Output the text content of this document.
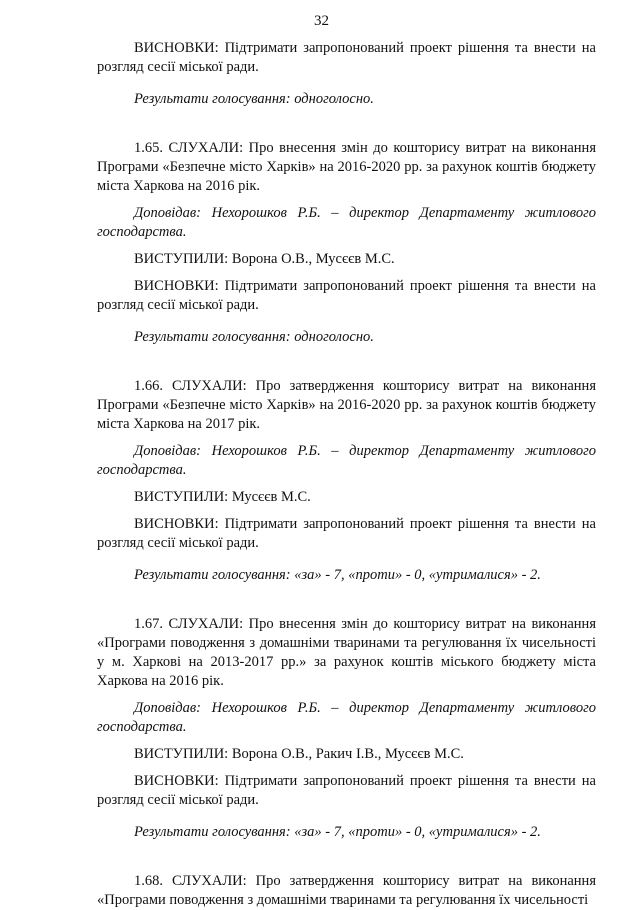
32

ВИСНОВКИ: Підтримати запропонований проект рішення та внести на розгляд сесії міської ради.

Результати голосування: одноголосно.

1.65. СЛУХАЛИ: Про внесення змін до кошторису витрат на виконання Програми «Безпечне місто Харків» на 2016-2020 рр. за рахунок коштів бюджету міста Харкова на 2016 рік.

Доповідав: Нехорошков Р.Б. – директор Департаменту житлового господарства.

ВИСТУПИЛИ: Ворона О.В., Мусєєв М.С.

ВИСНОВКИ: Підтримати запропонований проект рішення та внести на розгляд сесії міської ради.

Результати голосування: одноголосно.

1.66. СЛУХАЛИ: Про затвердження кошторису витрат на виконання Програми «Безпечне місто Харків» на 2016-2020 рр. за рахунок коштів бюджету міста Харкова на 2017 рік.

Доповідав: Нехорошков Р.Б. – директор Департаменту житлового господарства.

ВИСТУПИЛИ: Мусєєв М.С.

ВИСНОВКИ: Підтримати запропонований проект рішення та внести на розгляд сесії міської ради.

Результати голосування: «за» - 7, «проти» - 0, «утрималися» - 2.

1.67. СЛУХАЛИ: Про внесення змін до кошторису витрат на виконання «Програми поводження з домашніми тваринами та регулювання їх чисельності у м. Харкові на 2013-2017 рр.» за рахунок коштів міського бюджету міста Харкова на 2016 рік.

Доповідав: Нехорошков Р.Б. – директор Департаменту житлового господарства.

ВИСТУПИЛИ: Ворона О.В., Ракич І.В., Мусєєв М.С.

ВИСНОВКИ: Підтримати запропонований проект рішення та внести на розгляд сесії міської ради.

Результати голосування: «за» - 7, «проти» - 0, «утрималися» - 2.

1.68. СЛУХАЛИ: Про затвердження кошторису витрат на виконання «Програми поводження з домашніми тваринами та регулювання їх чисельності
